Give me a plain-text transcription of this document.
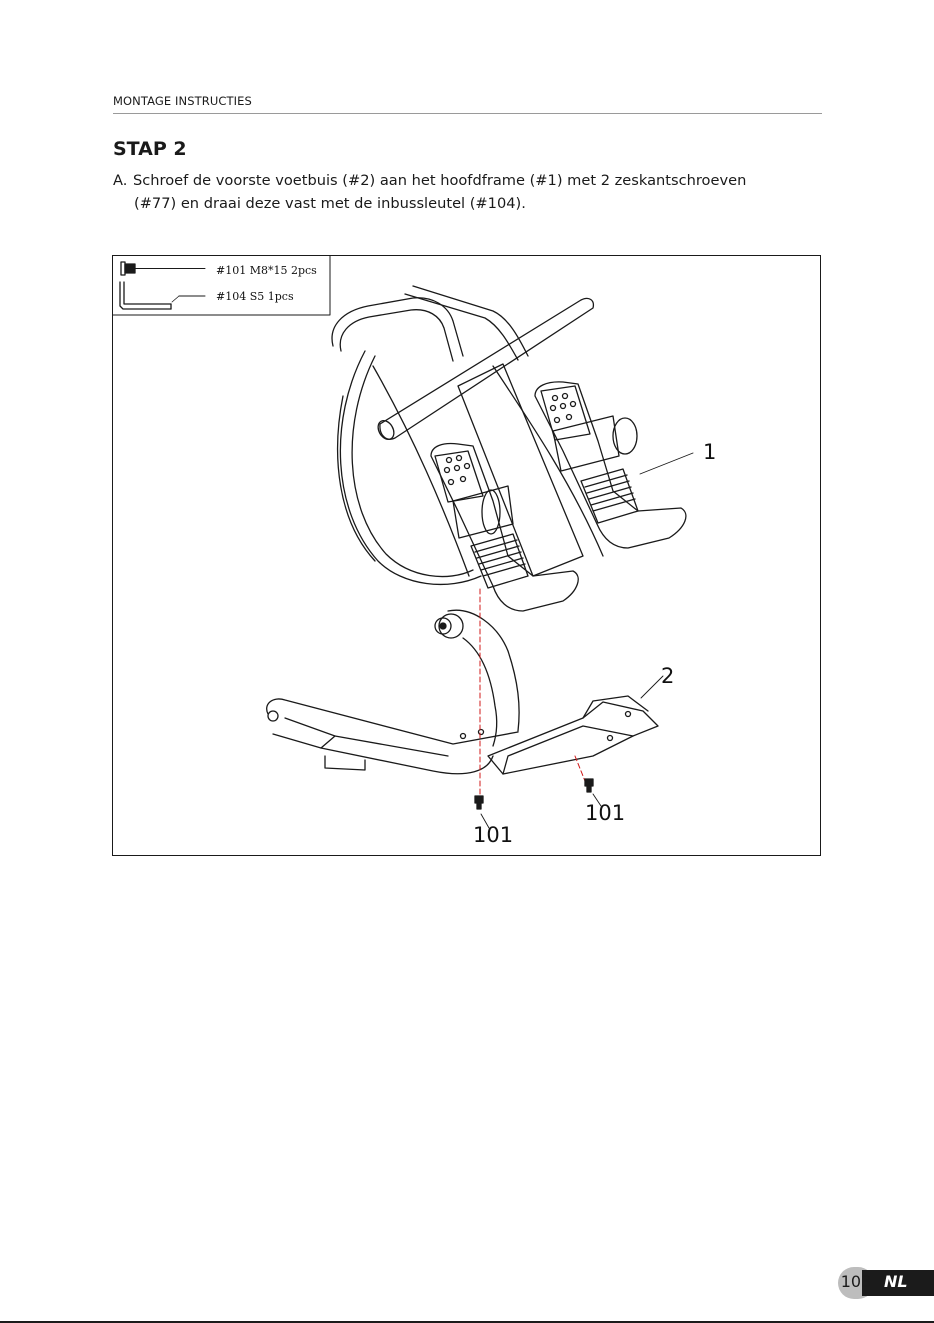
MONTAGE INSTRUCTIES
STAP 2
A. Schroef de voorste voetbuis (#2) aan het hoofdframe (#1) met 2 zeskantschroeven
(#77) en draai deze vast met de inbussleutel (#104).
#101 M8*15 2pcs
#104 S5 1pcs
1
2
101
101
103 NL
